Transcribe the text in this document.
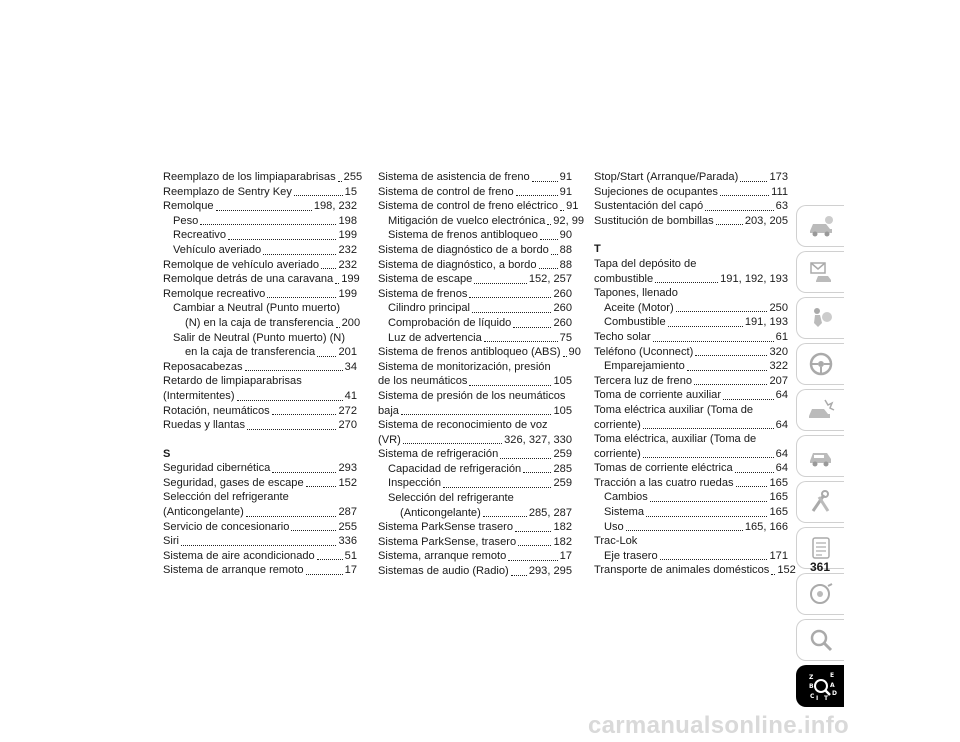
Reemplazo de los limpiaparabrisas 255
Reemplazo de Sentry Key	15
Remolque	198, 232
Peso	198
Recreativo	199
Vehículo averiado	232
Remolque de vehículo averiado 232
Remolque detrás de una caravana 199
Remolque recreativo	199
Cambiar a Neutral (Punto muerto)
(N) en la caja de transferencia 200
Salir de Neutral (Punto muerto) (N)
en la caja de transferencia 201
Reposacabezas	34
Retardo de limpiaparabrisas
(Intermitentes)	41
Rotación, neumáticos	272
Ruedas y llantas	270
S
Seguridad cibernética	293
Seguridad, gases de escape	152
Selección del refrigerante
(Anticongelante)	287
Servicio de concesionario	255
Siri	336
Sistema de aire acondicionado	51
Sistema de arranque remoto	17
Sistema de asistencia de freno	91
Sistema de control de freno	91
Sistema de control de freno eléctrico 91
Mitigación de vuelco electrónica 92, 99
Sistema de frenos antibloqueo 90
Sistema de diagnóstico de a bordo 88
Sistema de diagnóstico, a bordo 88
Sistema de escape	152, 257
Sistema de frenos	260
Cilindro principal	260
Comprobación de líquido	260
Luz de advertencia	75
Sistema de frenos antibloqueo (ABS) 90
Sistema de monitorización, presión
de los neumáticos	105
Sistema de presión de los neumáticos
baja	105
Sistema de reconocimiento de voz
(VR)	326, 327, 330
Sistema de refrigeración	259
Capacidad de refrigeración	285
Inspección	259
Selección del refrigerante
(Anticongelante)	285, 287
Sistema ParkSense trasero	182
Sistema ParkSense, trasero	182
Sistema, arranque remoto	17
Sistemas de audio (Radio) 293, 295
Stop/Start (Arranque/Parada)	173
Sujeciones de ocupantes	111
Sustentación del capó	63
Sustitución de bombillas	203, 205
T
Tapa del depósito de
combustible	191, 192, 193
Tapones, llenado
Aceite (Motor)	250
Combustible	191, 193
Techo solar	61
Teléfono (Uconnect)	320
Emparejamiento	322
Tercera luz de freno	207
Toma de corriente auxiliar	64
Toma eléctrica auxiliar (Toma de
corriente)	64
Toma eléctrica, auxiliar (Toma de
corriente)	64
Tomas de corriente eléctrica	64
Tracción a las cuatro ruedas	165
Cambios	165
Sistema	165
Uso	165, 166
Trac-Lok
Eje trasero	171
Transporte de animales domésticos 152
Z	E
B	A
C	D
I T
361
carmanualsonline.info
